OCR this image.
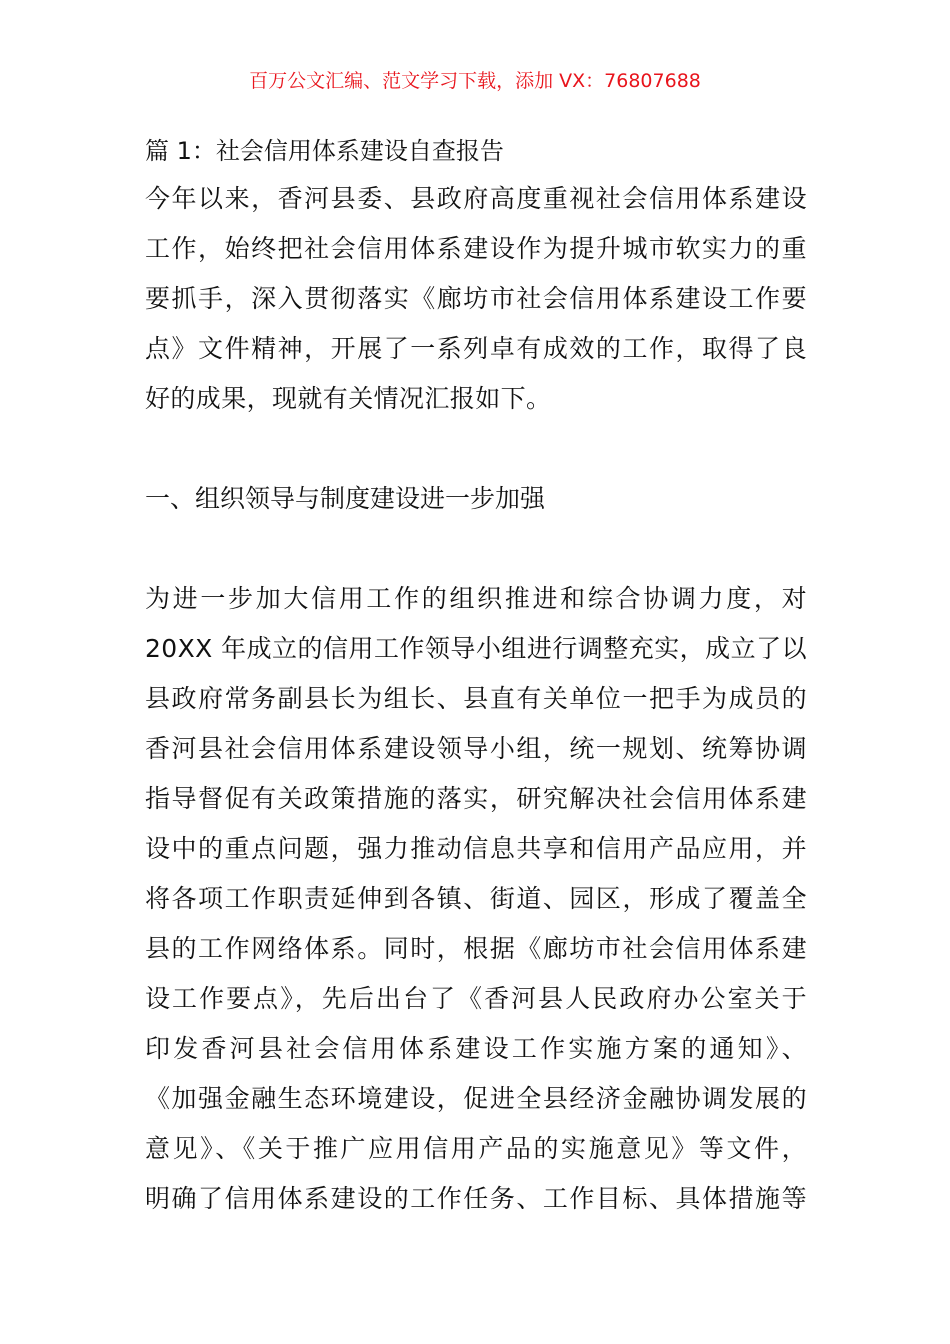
百万公文汇编、范文学习下载，添加 VX：76807688
篇 1：社会信用体系建设自查报告
今年以来，香河县委、县政府高度重视社会信用体系建设
工作，始终把社会信用体系建设作为提升城市软实力的重
要抓手，深入贯彻落实《廊坊市社会信用体系建设工作要
点》文件精神，开展了一系列卓有成效的工作，取得了良
好的成果，现就有关情况汇报如下。
一、组织领导与制度建设进一步加强
为进一步加大信用工作的组织推进和综合协调力度，对
20XX 年成立的信用工作领导小组进行调整充实，成立了以
县政府常务副县长为组长、县直有关单位一把手为成员的
香河县社会信用体系建设领导小组，统一规划、统筹协调
指导督促有关政策措施的落实，研究解决社会信用体系建
设中的重点问题，强力推动信息共享和信用产品应用，并
将各项工作职责延伸到各镇、街道、园区，形成了覆盖全
县的工作网络体系。同时，根据《廊坊市社会信用体系建
设工作要点》，先后出台了《香河县人民政府办公室关于
印发香河县社会信用体系建设工作实施方案的通知》、
《加强金融生态环境建设，促进全县经济金融协调发展的
意见》、《关于推广应用信用产品的实施意见》等文件，
明确了信用体系建设的工作任务、工作目标、具体措施等
